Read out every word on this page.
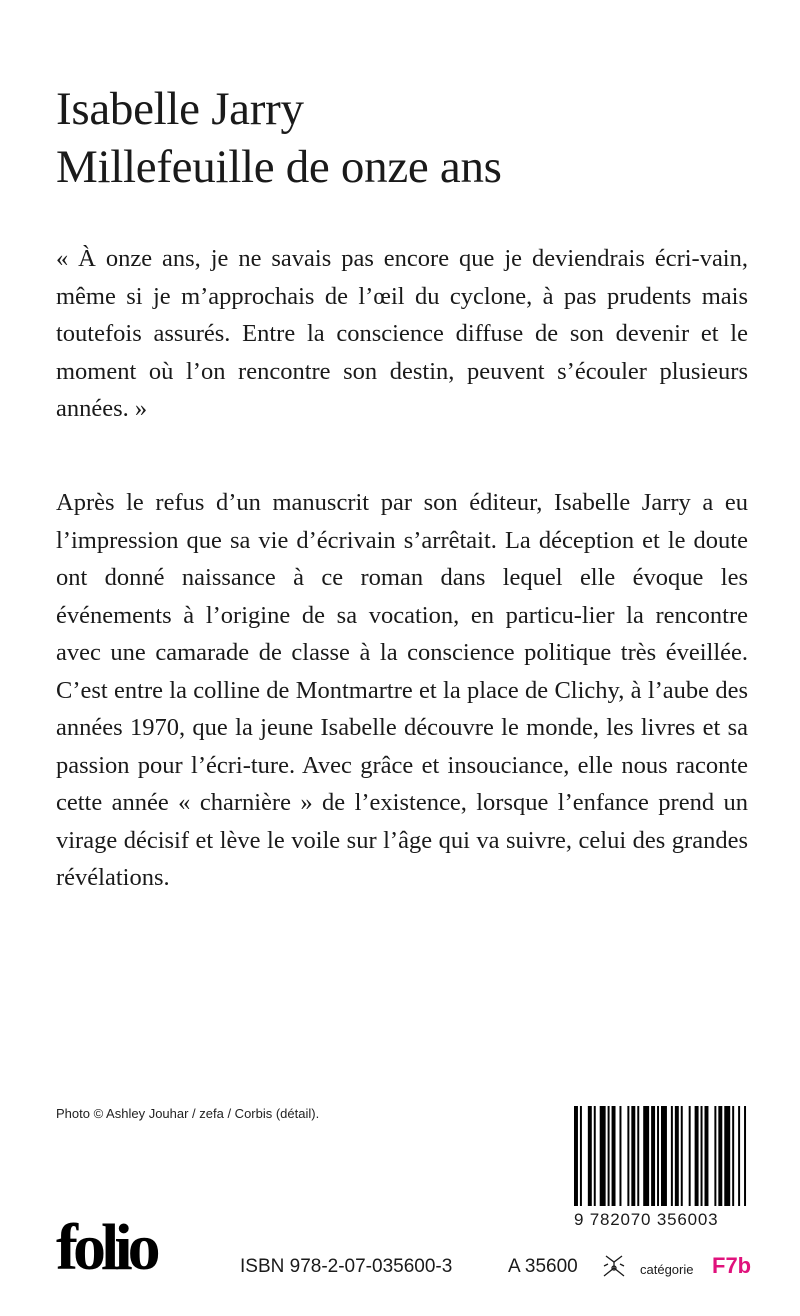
Isabelle Jarry
Millefeuille de onze ans

« À onze ans, je ne savais pas encore que je deviendrais écri-vain, même si je m’approchais de l’œil du cyclone, à pas prudents mais toutefois assurés. Entre la conscience diffuse de son devenir et le moment où l’on rencontre son destin, peuvent s’écouler plusieurs années. »

Après le refus d’un manuscrit par son éditeur, Isabelle Jarry a eu l’impression que sa vie d’écrivain s’arrêtait. La déception et le doute ont donné naissance à ce roman dans lequel elle évoque les événements à l’origine de sa vocation, en particu-lier la rencontre avec une camarade de classe à la conscience politique très éveillée. C’est entre la colline de Montmartre et la place de Clichy, à l’aube des années 1970, que la jeune Isabelle découvre le monde, les livres et sa passion pour l’écri-ture. Avec grâce et insouciance, elle nous raconte cette année « charnière » de l’existence, lorsque l’enfance prend un virage décisif et lève le voile sur l’âge qui va suivre, celui des grandes révélations.

Photo © Ashley Jouhar / zefa / Corbis (détail).
9 782070 356003
folio	ISBN 978-2-07-035600-3	A 35600	catégorie F7b
